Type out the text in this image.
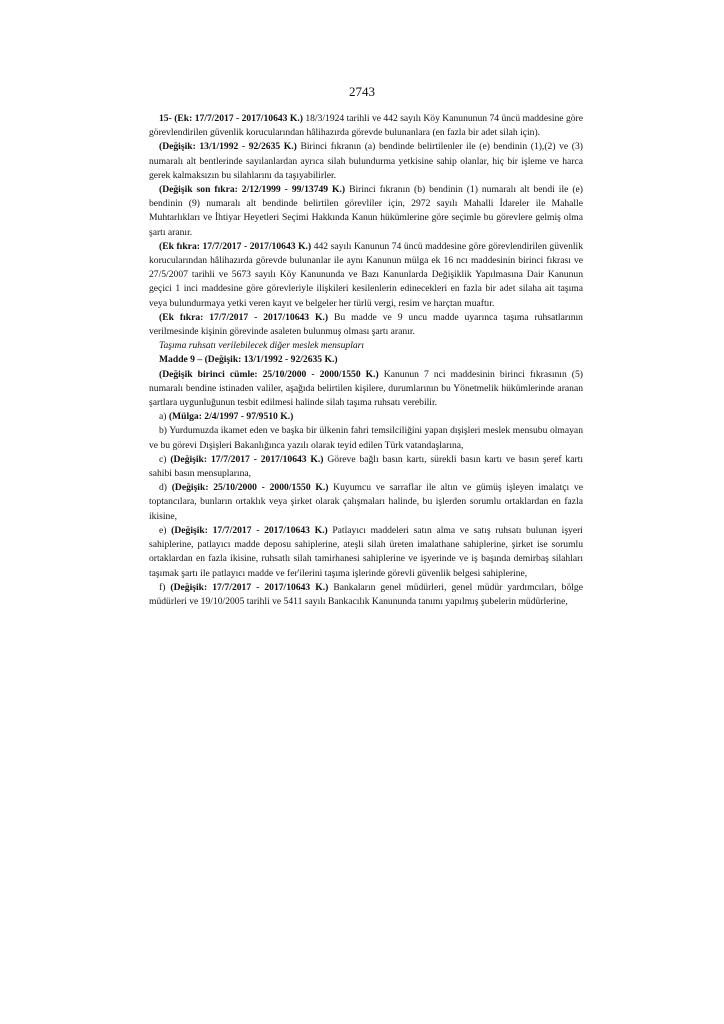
2743

15- (Ek: 17/7/2017 - 2017/10643 K.) 18/3/1924 tarihli ve 442 sayılı Köy Kanununun 74 üncü maddesine göre görevlendirilen güvenlik korucularından hâlihazırda görevde bulunanlara (en fazla bir adet silah için).

(Değişik: 13/1/1992 - 92/2635 K.) Birinci fıkranın (a) bendinde belirtilenler ile (e) bendinin (1),(2) ve (3) numaralı alt bentlerinde sayılanlardan ayrıca silah bulundurma yetkisine sahip olanlar, hiç bir işleme ve harca gerek kalmaksızın bu silahlarını da taşıyabilirler.

(Değişik son fıkra: 2/12/1999 - 99/13749 K.) Birinci fıkranın (b) bendinin (1) numaralı alt bendi ile (e) bendinin (9) numaralı alt bendinde belirtilen görevliler için, 2972 sayılı Mahalli İdareler ile Mahalle Muhtarlıkları ve İhtiyar Heyetleri Seçimi Hakkında Kanun hükümlerine göre seçimle bu görevlere gelmiş olma şartı aranır.

(Ek fıkra: 17/7/2017 - 2017/10643 K.) 442 sayılı Kanunun 74 üncü maddesine göre görevlendirilen güvenlik korucularından hâlihazırda görevde bulunanlar ile aynı Kanunun mülga ek 16 ncı maddesinin birinci fıkrası ve 27/5/2007 tarihli ve 5673 sayılı Köy Kanununda ve Bazı Kanunlarda Değişiklik Yapılmasına Dair Kanunun geçici 1 inci maddesine göre görevleriyle ilişkileri kesilenlerin edinecekleri en fazla bir adet silaha ait taşıma veya bulundurmaya yetki veren kayıt ve belgeler her türlü vergi, resim ve harçtan muaftır.

(Ek fıkra: 17/7/2017 - 2017/10643 K.) Bu madde ve 9 uncu madde uyarınca taşıma ruhsatlarının verilmesinde kişinin görevinde asaleten bulunmuş olması şartı aranır.

Taşıma ruhsatı verilebilecek diğer meslek mensupları

Madde 9 – (Değişik: 13/1/1992 - 92/2635 K.)

(Değişik birinci cümle: 25/10/2000 - 2000/1550 K.) Kanunun 7 nci maddesinin birinci fıkrasının (5) numaralı bendine istinaden valiler, aşağıda belirtilen kişilere, durumlarının bu Yönetmelik hükümlerinde aranan şartlara uygunluğunun tesbit edilmesi halinde silah taşıma ruhsatı verebilir.

a) (Mülga: 2/4/1997 - 97/9510 K.)

b) Yurdumuzda ikamet eden ve başka bir ülkenin fahri temsilciliğini yapan dışişleri meslek mensubu olmayan ve bu görevi Dışişleri Bakanlığınca yazılı olarak teyid edilen Türk vatandaşlarına,

c) (Değişik: 17/7/2017 - 2017/10643 K.) Göreve bağlı basın kartı, sürekli basın kartı ve basın şeref kartı sahibi basın mensuplarına,

d) (Değişik: 25/10/2000 - 2000/1550 K.) Kuyumcu ve sarraflar ile altın ve gümüş işleyen imalatçı ve toptancılara, bunların ortaklık veya şirket olarak çalışmaları halinde, bu işlerden sorumlu ortaklardan en fazla ikisine,

e) (Değişik: 17/7/2017 - 2017/10643 K.) Patlayıcı maddeleri satın alma ve satış ruhsatı bulunan işyeri sahiplerine, patlayıcı madde deposu sahiplerine, ateşli silah üreten imalathane sahiplerine, şirket ise sorumlu ortaklardan en fazla ikisine, ruhsatlı silah tamirhanesi sahiplerine ve işyerinde ve iş başında demirbaş silahları taşımak şartı ile patlayıcı madde ve fer'ilerini taşıma işlerinde görevli güvenlik belgesi sahiplerine,

f) (Değişik: 17/7/2017 - 2017/10643 K.) Bankaların genel müdürleri, genel müdür yardımcıları, bölge müdürleri ve 19/10/2005 tarihli ve 5411 sayılı Bankacılık Kanununda tanımı yapılmış şubelerin müdürlerine,
